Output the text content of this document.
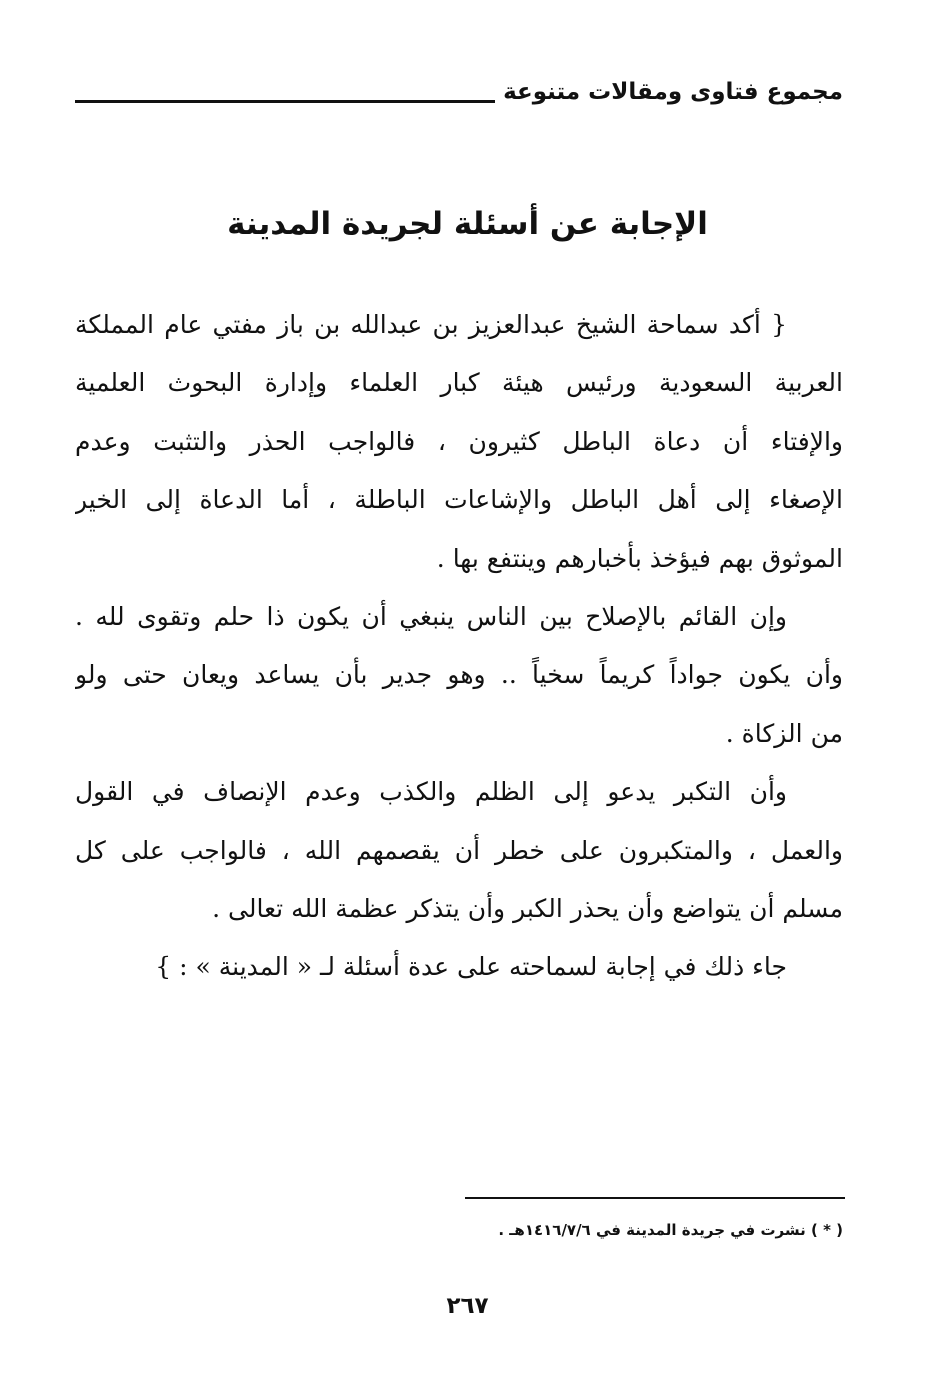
مجموع فتاوى ومقالات متنوعة
الإجابة عن أسئلة لجريدة المدينة
{ أكد سماحة الشيخ عبدالعزيز بن عبدالله بن باز مفتي عام المملكة
العربية السعودية ورئيس هيئة كبار العلماء وإدارة البحوث العلمية
والإفتاء أن دعاة الباطل كثيرون ، فالواجب الحذر والتثبت وعدم
الإصغاء إلى أهل الباطل والإشاعات الباطلة ، أما الدعاة إلى الخير
الموثوق بهم فيؤخذ بأخبارهم وينتفع بها .
وإن القائم بالإصلاح بين الناس ينبغي أن يكون ذا حلم وتقوى لله .
وأن يكون جواداً كريماً سخياً .. وهو جدير بأن يساعد ويعان حتى ولو
من الزكاة .
وأن التكبر يدعو إلى الظلم والكذب وعدم الإنصاف في القول
والعمل ، والمتكبرون على خطر أن يقصمهم الله ، فالواجب على كل
مسلم أن يتواضع وأن يحذر الكبر وأن يتذكر عظمة الله تعالى .
جاء ذلك في إجابة لسماحته على عدة أسئلة لـ « المدينة » : }
( * ) نشرت في جريدة المدينة في ١٤١٦/٧/٦هـ .
٢٦٧
